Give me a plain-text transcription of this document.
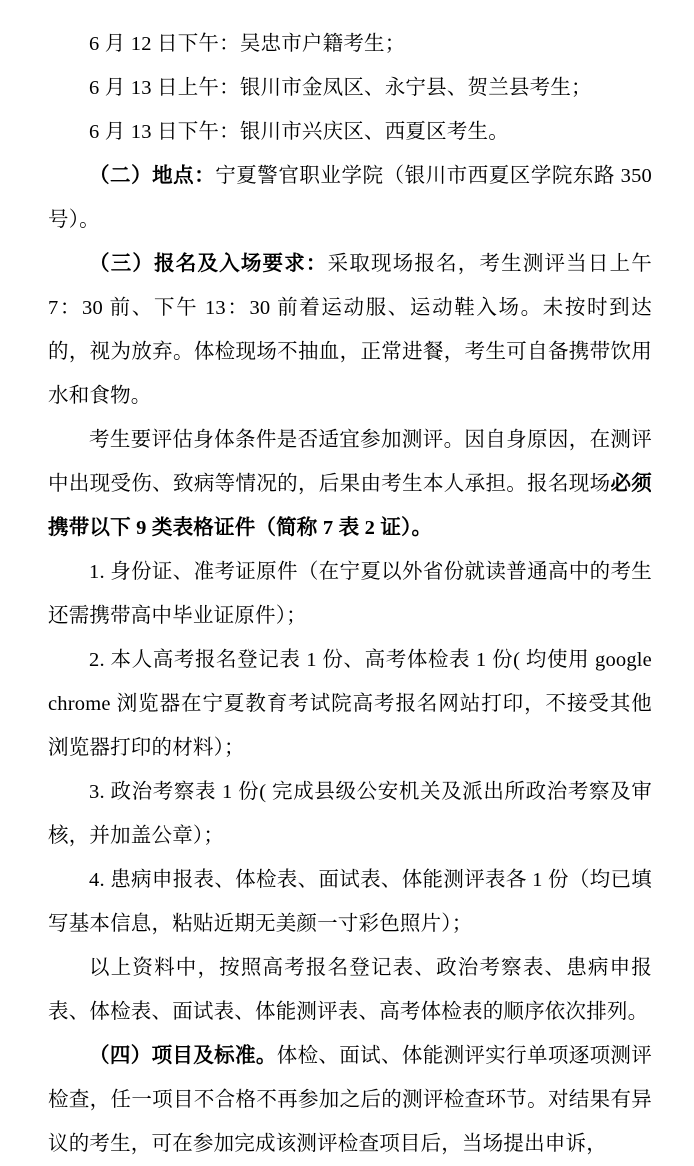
6 月 12 日下午：吴忠市户籍考生；

6 月 13 日上午：银川市金凤区、永宁县、贺兰县考生；

6 月 13 日下午：银川市兴庆区、西夏区考生。

（二）地点：宁夏警官职业学院（银川市西夏区学院东路 350 号）。

（三）报名及入场要求：采取现场报名，考生测评当日上午 7：30 前、下午 13：30 前着运动服、运动鞋入场。未按时到达的，视为放弃。体检现场不抽血，正常进餐，考生可自备携带饮用水和食物。

考生要评估身体条件是否适宜参加测评。因自身原因，在测评中出现受伤、致病等情况的，后果由考生本人承担。报名现场必须携带以下 9 类表格证件（简称 7 表 2 证）。

1. 身份证、准考证原件（在宁夏以外省份就读普通高中的考生还需携带高中毕业证原件）；

2. 本人高考报名登记表 1 份、高考体检表 1 份( 均使用 google chrome 浏览器在宁夏教育考试院高考报名网站打印，不接受其他浏览器打印的材料）；

3. 政治考察表 1 份( 完成县级公安机关及派出所政治考察及审核，并加盖公章）；

4. 患病申报表、体检表、面试表、体能测评表各 1 份（均已填写基本信息，粘贴近期无美颜一寸彩色照片）；

以上资料中，按照高考报名登记表、政治考察表、患病申报表、体检表、面试表、体能测评表、高考体检表的顺序依次排列。

（四）项目及标准。体检、面试、体能测评实行单项逐项测评检查，任一项目不合格不再参加之后的测评检查环节。对结果有异议的考生，可在参加完成该测评检查项目后，当场提出申诉，
